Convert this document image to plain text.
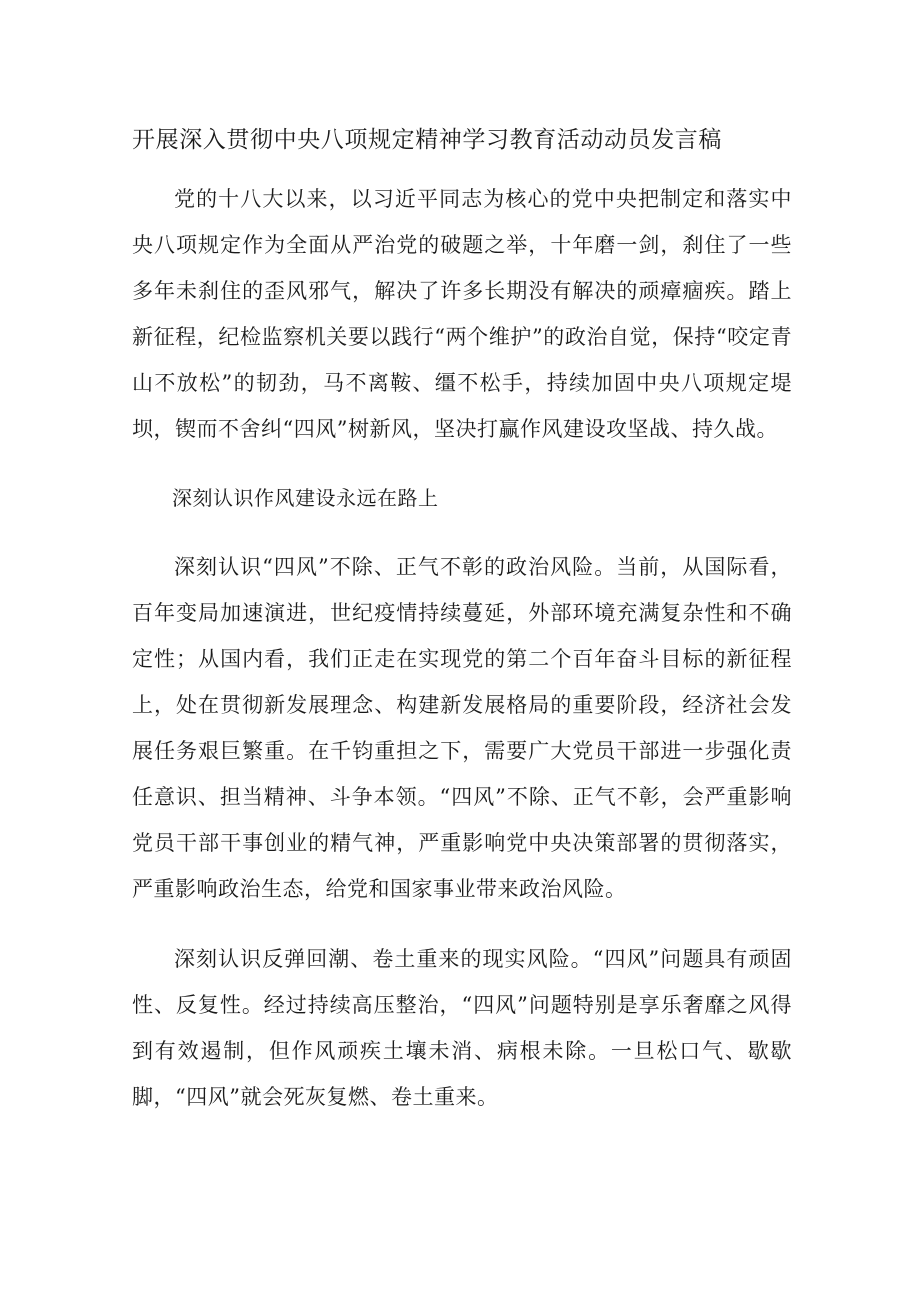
开展深入贯彻中央八项规定精神学习教育活动动员发言稿

党的十八大以来，以习近平同志为核心的党中央把制定和落实中央八项规定作为全面从严治党的破题之举，十年磨一剑，刹住了一些多年未刹住的歪风邪气，解决了许多长期没有解决的顽瘴痼疾。踏上新征程，纪检监察机关要以践行“两个维护”的政治自觉，保持“咬定青山不放松”的韧劲，马不离鞍、缰不松手，持续加固中央八项规定堤坝，锲而不舍纠“四风”树新风，坚决打赢作风建设攻坚战、持久战。

深刻认识作风建设永远在路上

深刻认识“四风”不除、正气不彰的政治风险。当前，从国际看，百年变局加速演进，世纪疫情持续蔓延，外部环境充满复杂性和不确定性；从国内看，我们正走在实现党的第二个百年奋斗目标的新征程上，处在贯彻新发展理念、构建新发展格局的重要阶段，经济社会发展任务艰巨繁重。在千钧重担之下，需要广大党员干部进一步强化责任意识、担当精神、斗争本领。“四风”不除、正气不彰，会严重影响党员干部干事创业的精气神，严重影响党中央决策部署的贯彻落实，严重影响政治生态，给党和国家事业带来政治风险。

深刻认识反弹回潮、卷土重来的现实风险。“四风”问题具有顽固性、反复性。经过持续高压整治，“四风”问题特别是享乐奢靡之风得到有效遏制，但作风顽疾土壤未消、病根未除。一旦松口气、歇歇脚，“四风”就会死灰复燃、卷土重来。
